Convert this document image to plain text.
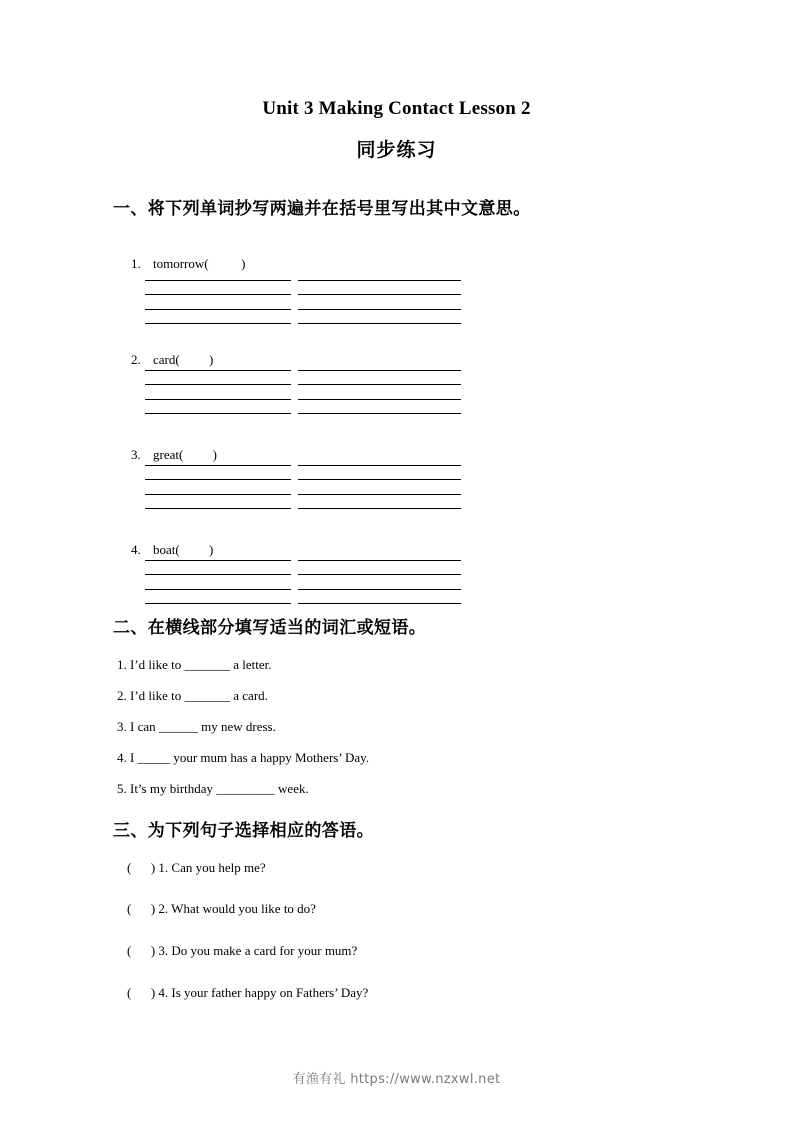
Unit 3 Making Contact Lesson 2
同步练习
一、将下列单词抄写两遍并在括号里写出其中文意思。

1. tomorrow(          )

2. card(         )

3. great(         )

4. boat(         )

二、在横线部分填写适当的词汇或短语。
1. I’d like to _______ a letter.
2. I’d like to _______ a card.
3. I can ______ my new dress.
4. I _____ your mum has a happy Mothers’ Day.
5. It’s my birthday _________ week.
三、为下列句子选择相应的答语。
(      ) 1. Can you help me?
(      ) 2. What would you like to do?
(      ) 3. Do you make a card for your mum?
(      ) 4. Is your father happy on Fathers’ Day?
有渔有礼 https://www.nzxwl.net
